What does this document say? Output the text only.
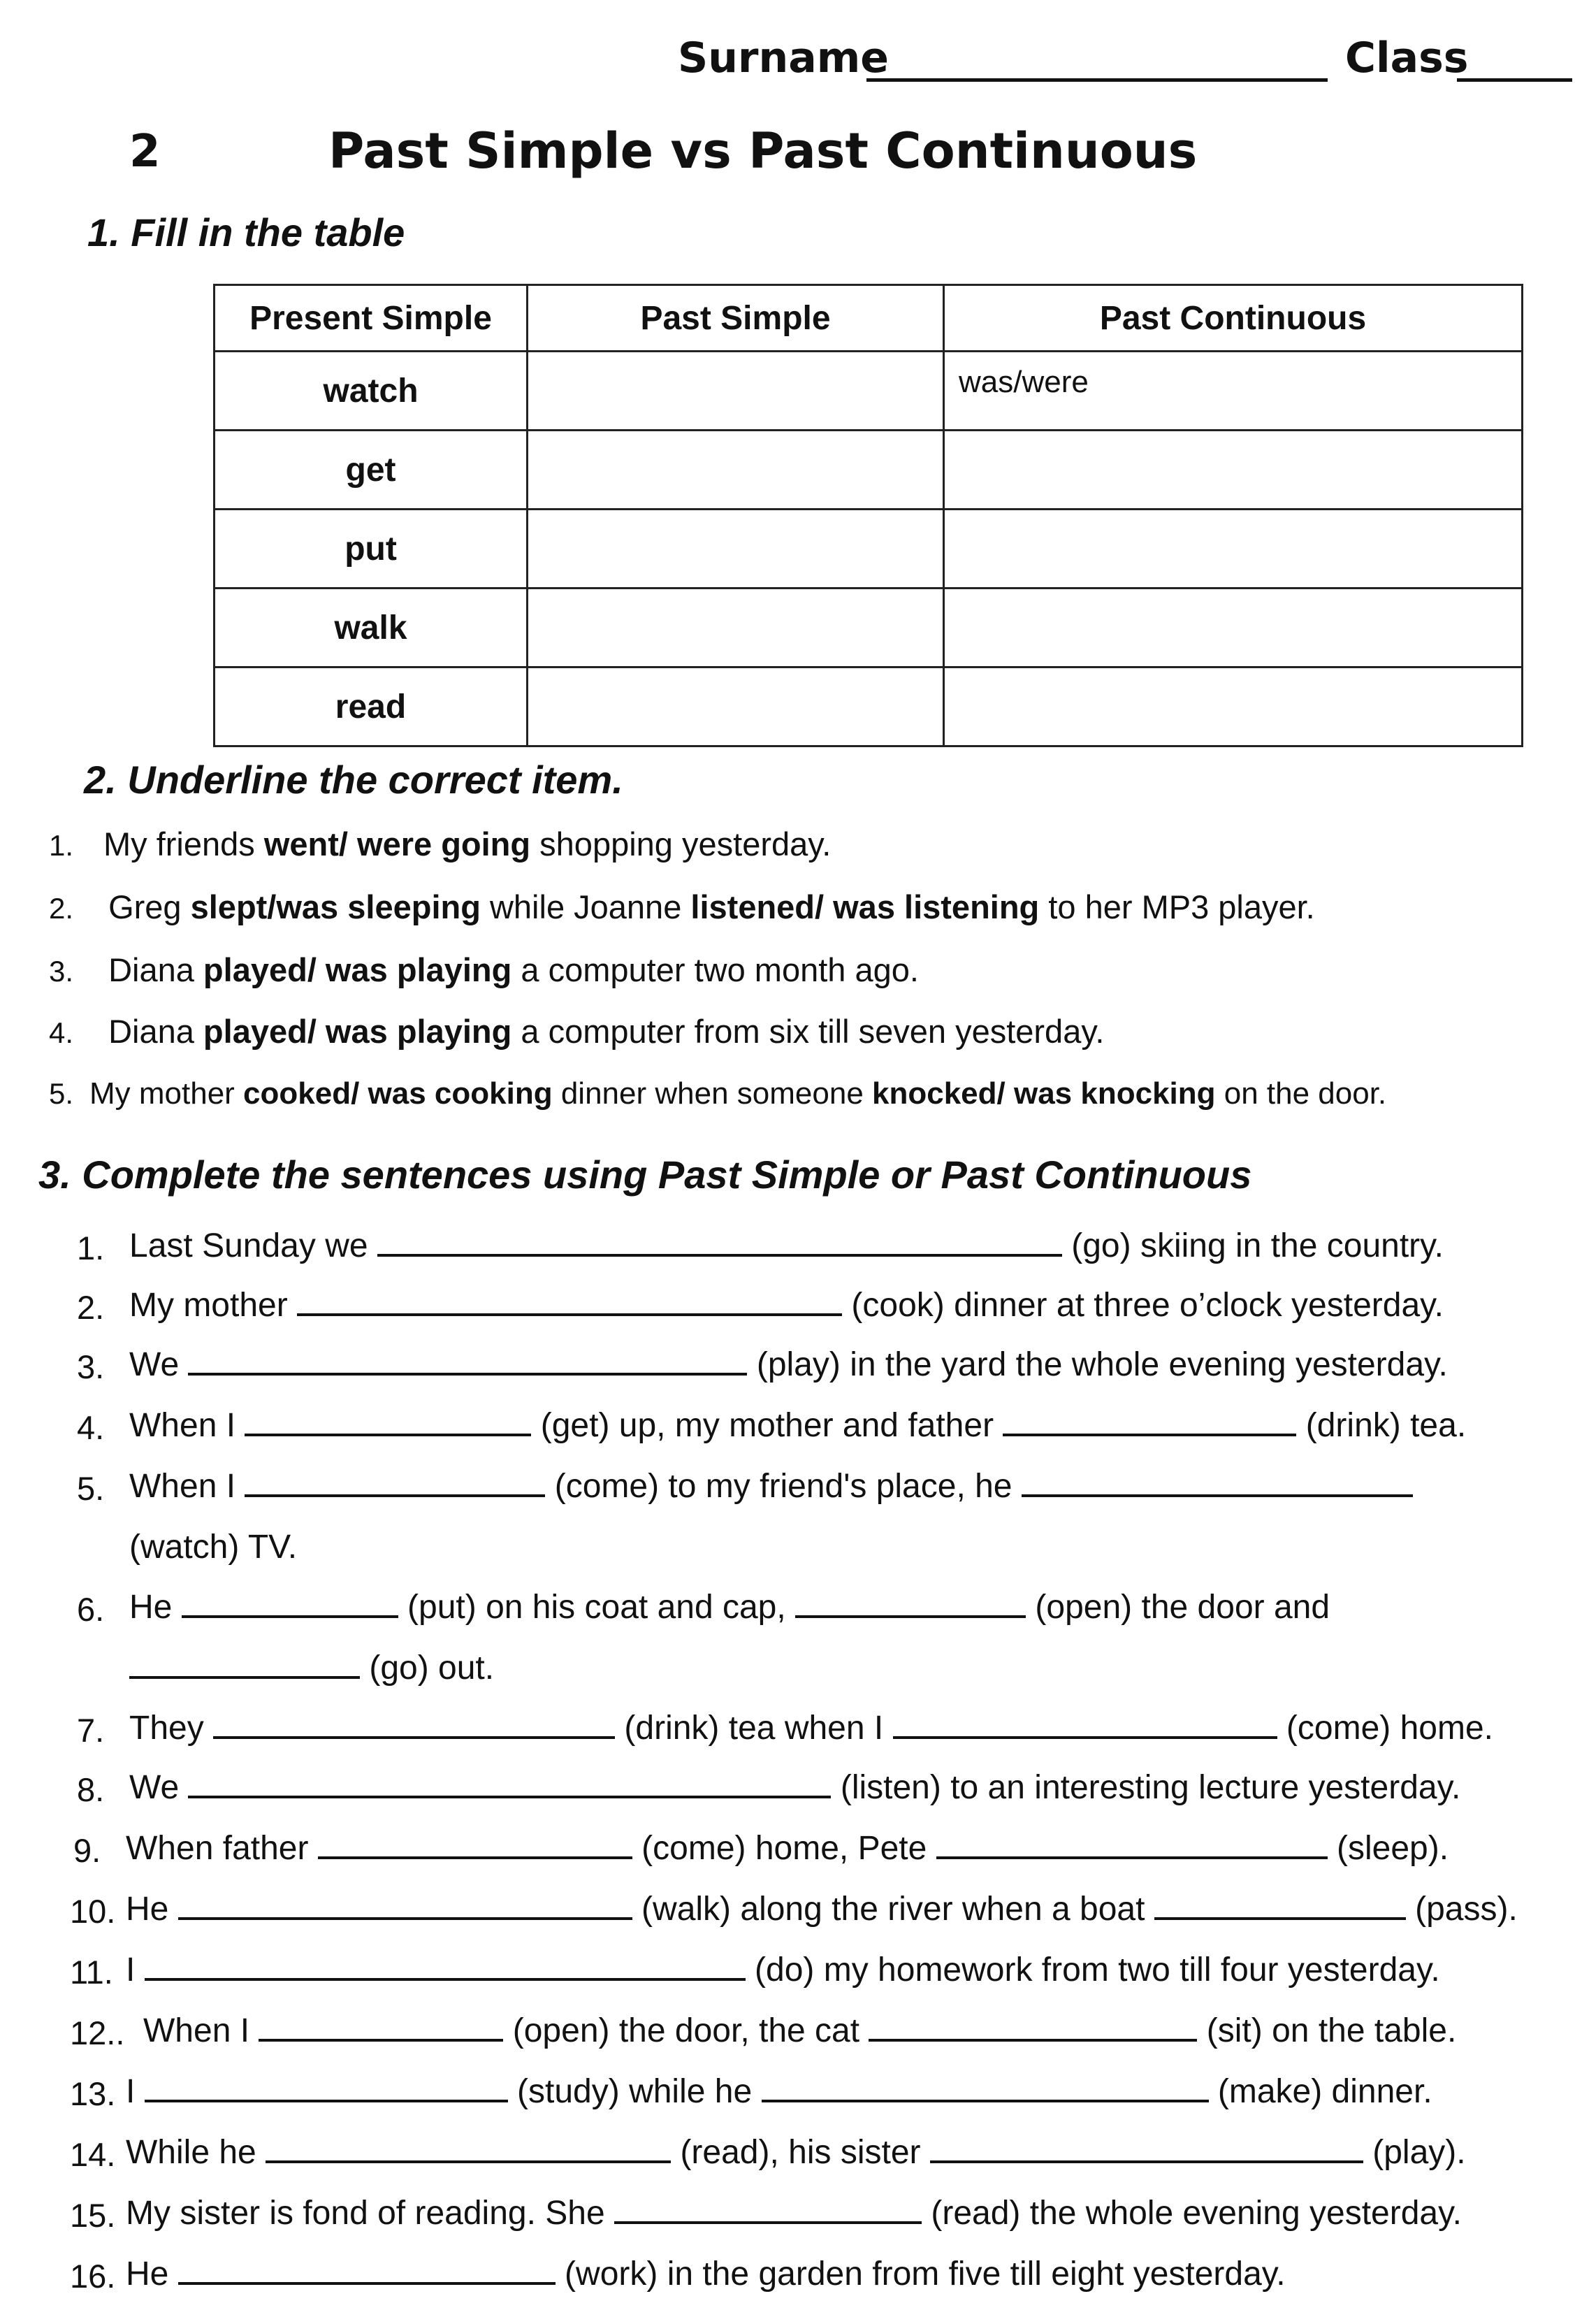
Surname	Class
2	Past Simple vs Past Continuous
1. Fill in the table
Present Simple	Past Simple	Past Continuous
watch		was/were
get		
put		
walk		
read		
2. Underline the correct item.
1. My friends went/ were going shopping yesterday.
2. Greg slept/was sleeping while Joanne listened/ was listening to her MP3 player.
3. Diana played/ was playing a computer two month ago.
4. Diana played/ was playing a computer from six till seven yesterday.
5. My mother cooked/ was cooking dinner when someone knocked/ was knocking on the door.
3. Complete the sentences using Past Simple or Past Continuous
1. Last Sunday we	(go) skiing in the country.
2. My mother	(cook) dinner at three o’clock yesterday.
3. We	(play) in the yard the whole evening yesterday.
4. When I	(get) up, my mother and father	(drink) tea.
5. When I	(come) to my friend's place, he
(watch) TV.
6. He	(put) on his coat and cap,	(open) the door and
(go) out.
7. They	(drink) tea when I	(come) home.
8. We	(listen) to an interesting lecture yesterday.
9. When father	(come) home, Pete	(sleep).
10. He	(walk) along the river when a boat	(pass).
11. I	(do) my homework from two till four yesterday.
12.. When I	(open) the door, the cat	(sit) on the table.
13. I	(study) while he	(make) dinner.
14. While he	(read), his sister	(play).
15. My sister is fond of reading. She	(read) the whole evening yesterday.
16. He	(work) in the garden from five till eight yesterday.
